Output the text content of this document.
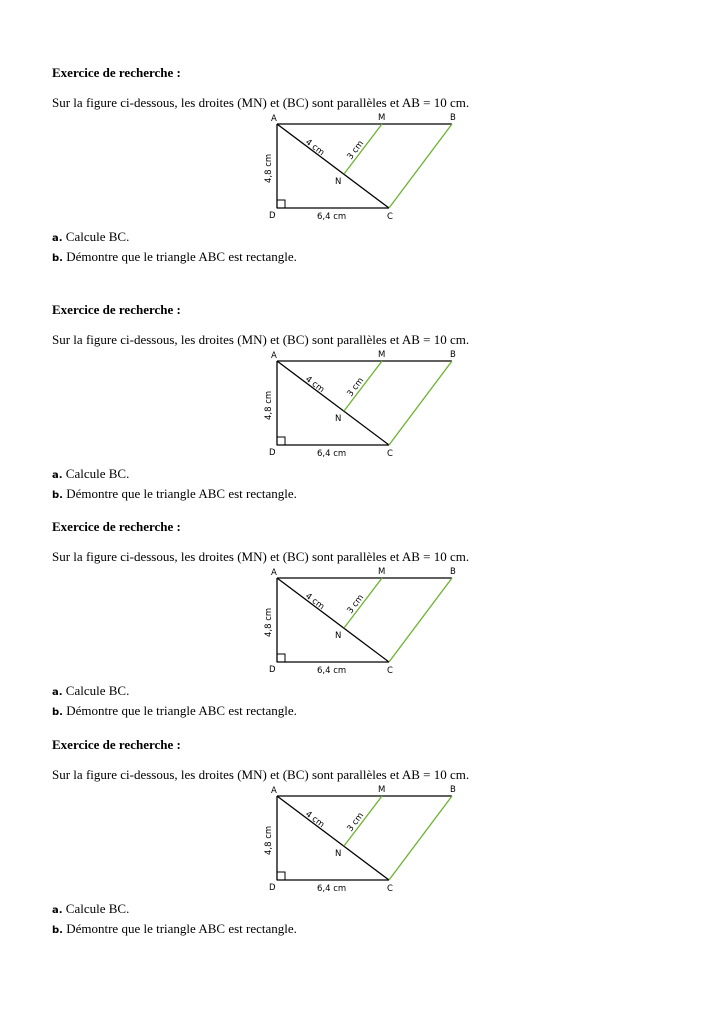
Exercice de recherche :
Sur la figure ci-dessous, les droites (MN) et (BC) sont parallèles et AB = 10 cm.
A	M	B
N
D	C
4 cm 3 cm
4,8 cm
6,4 cm
a. Calcule BC.
b. Démontre que le triangle ABC est rectangle.
Exercice de recherche :
Sur la figure ci-dessous, les droites (MN) et (BC) sont parallèles et AB = 10 cm.
A	M	B
N
D	C
4 cm 3 cm
4,8 cm
6,4 cm
a. Calcule BC.
b. Démontre que le triangle ABC est rectangle.
Exercice de recherche :
Sur la figure ci-dessous, les droites (MN) et (BC) sont parallèles et AB = 10 cm.
A	M	B
N
D	C
4 cm 3 cm
4,8 cm
6,4 cm
a. Calcule BC.
b. Démontre que le triangle ABC est rectangle.
Exercice de recherche :
Sur la figure ci-dessous, les droites (MN) et (BC) sont parallèles et AB = 10 cm.
A	M	B
N
D	C
4 cm 3 cm
4,8 cm
6,4 cm
a. Calcule BC.
b. Démontre que le triangle ABC est rectangle.
